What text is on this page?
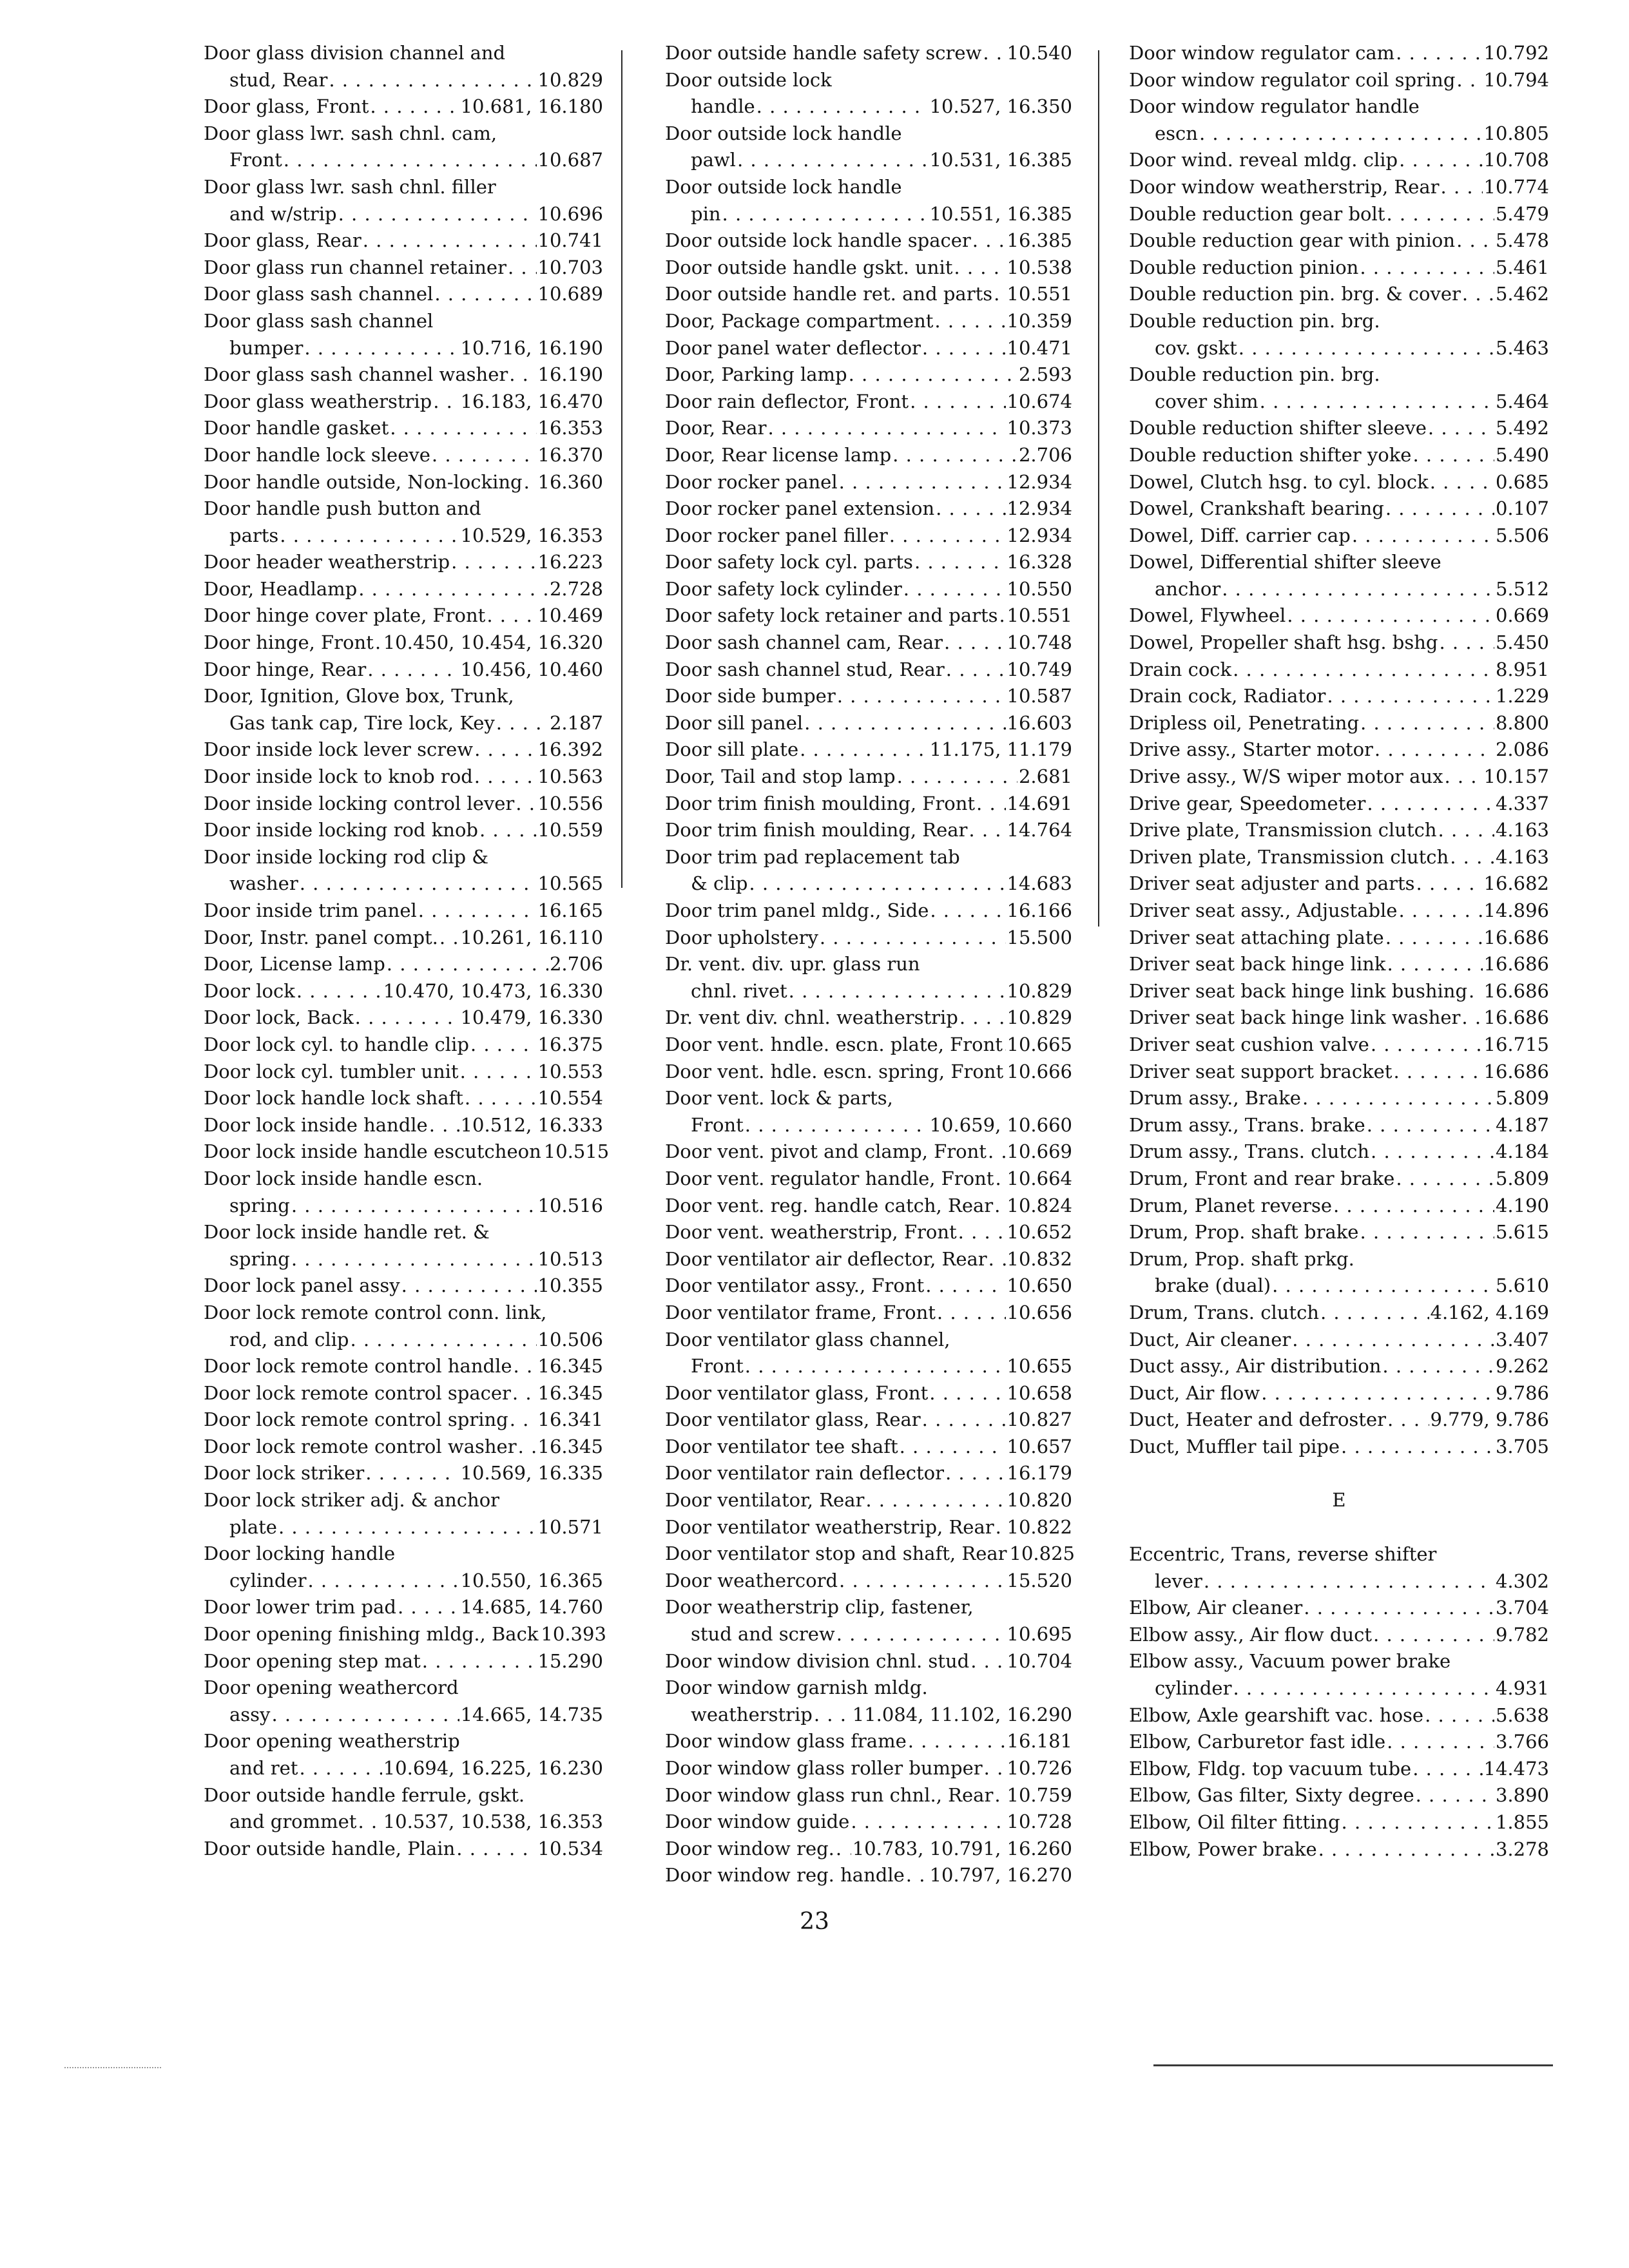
Door glass division channel and
stud, Rear . . .	10.829
Door glass, Front . . .	10.681, 16.180
Door glass lwr. sash chnl. cam,
Front . . .	10.687
Door glass lwr. sash chnl. filler
and w/strip . . .	10.696
Door glass, Rear . . .	10.741
Door glass run channel retainer . . . 10.703
Door glass sash channel . . .	10.689
Door glass sash channel
bumper . . .	10.716, 16.190
Door glass sash channel washer . . . 16.190
Door glass weatherstrip . . . 16.183, 16.470
Door handle gasket . . .	16.353
Door handle lock sleeve . . .	16.370
Door handle outside, Non-locking . . . 16.360
Door handle push button and
parts . . .	10.529, 16.353
Door header weatherstrip . . .	16.223
Door, Headlamp . . .	2.728
Door hinge cover plate, Front . . .	10.469
Door hinge, Front . . . 10.450, 10.454, 16.320
Door hinge, Rear . . .	10.456, 10.460
Door, Ignition, Glove box, Trunk,
Gas tank cap, Tire lock, Key . . .	2.187
Door inside lock lever screw . . .	16.392
Door inside lock to knob rod . . .	10.563
Door inside locking control lever . . . 10.556
Door inside locking rod knob . . .	10.559
Door inside locking rod clip &
washer . . .	10.565
Door inside trim panel . . .	16.165
Door, Instr. panel compt. . . . 10.261, 16.110
Door, License lamp . . .	2.706
Door lock . . .	10.470, 10.473, 16.330
Door lock, Back . . .	10.479, 16.330
Door lock cyl. to handle clip . . .	16.375
Door lock cyl. tumbler unit . . .	10.553
Door lock handle lock shaft . . .	10.554
Door lock inside handle . . . 10.512, 16.333
Door lock inside handle escutcheon 10.515
Door lock inside handle escn.
spring . . .	10.516
Door lock inside handle ret. &
spring . . .	10.513
Door lock panel assy . . .	10.355
Door lock remote control conn. link,
rod, and clip . . .	10.506
Door lock remote control handle . . . 16.345
Door lock remote control spacer . . . 16.345
Door lock remote control spring . . . 16.341
Door lock remote control washer . . . 16.345
Door lock striker . . .	10.569, 16.335
Door lock striker adj. & anchor
plate . . .	10.571
Door locking handle
cylinder . . .	10.550, 16.365
Door lower trim pad . . .	14.685, 14.760
Door opening finishing mldg., Back 10.393
Door opening step mat . . .	15.290
Door opening weathercord
assy . . .	14.665, 14.735
Door opening weatherstrip
and ret . . .	10.694, 16.225, 16.230
Door outside handle ferrule, gskt.
and grommet . . . 10.537, 10.538, 16.353
Door outside handle, Plain . . .	10.534
Door outside handle safety screw . . . 10.540
Door outside lock
handle . . .	10.527, 16.350
Door outside lock handle
pawl . . .	10.531, 16.385
Door outside lock handle
pin . . .	10.551, 16.385
Door outside lock handle spacer . . . 16.385
Door outside handle gskt. unit . . .	10.538
Door outside handle ret. and parts . . . 10.551
Door, Package compartment . . .	10.359
Door panel water deflector . . .	10.471
Door, Parking lamp . . .	2.593
Door rain deflector, Front . . .	10.674
Door, Rear . . .	10.373
Door, Rear license lamp . . .	2.706
Door rocker panel . . .	12.934
Door rocker panel extension . . .	12.934
Door rocker panel filler . . .	12.934
Door safety lock cyl. parts . . .	16.328
Door safety lock cylinder . . .	10.550
Door safety lock retainer and parts . . . 10.551
Door sash channel cam, Rear . . .	10.748
Door sash channel stud, Rear . . .	10.749
Door side bumper . . .	10.587
Door sill panel . . .	16.603
Door sill plate . . .	11.175, 11.179
Door, Tail and stop lamp . . .	2.681
Door trim finish moulding, Front . . . 14.691
Door trim finish moulding, Rear . . . 14.764
Door trim pad replacement tab
& clip . . .	14.683
Door trim panel mldg., Side . . .	16.166
Door upholstery . . .	15.500
Dr. vent. div. upr. glass run
chnl. rivet . . .	10.829
Dr. vent div. chnl. weatherstrip . . .	10.829
Door vent. hndle. escn. plate, Front . . . 10.665
Door vent. hdle. escn. spring, Front . . . 10.666
Door vent. lock & parts,
Front . . .	10.659, 10.660
Door vent. pivot and clamp, Front . . . 10.669
Door vent. regulator handle, Front . . . 10.664
Door vent. reg. handle catch, Rear . . . 10.824
Door vent. weatherstrip, Front . . .	10.652
Door ventilator air deflector, Rear . . . 10.832
Door ventilator assy., Front . . .	10.650
Door ventilator frame, Front . . .	10.656
Door ventilator glass channel,
Front . . .	10.655
Door ventilator glass, Front . . .	10.658
Door ventilator glass, Rear . . .	10.827
Door ventilator tee shaft . . .	10.657
Door ventilator rain deflector . . .	16.179
Door ventilator, Rear . . .	10.820
Door ventilator weatherstrip, Rear . . . 10.822
Door ventilator stop and shaft, Rear 10.825
Door weathercord . . .	15.520
Door weatherstrip clip, fastener,
stud and screw . . .	10.695
Door window division chnl. stud . . . 10.704
Door window garnish mldg.
weatherstrip . . . 11.084, 11.102, 16.290
Door window glass frame . . .	16.181
Door window glass roller bumper . . . 10.726
Door window glass run chnl., Rear . . . 10.759
Door window guide . . .	10.728
Door window reg. . . . 10.783, 10.791, 16.260
Door window reg. handle . . . 10.797, 16.270
Door window regulator cam . . .	10.792
Door window regulator coil spring . . . 10.794
Door window regulator handle
escn . . .	10.805
Door wind. reveal mldg. clip . . .	10.708
Door window weatherstrip, Rear . . . 10.774
Double reduction gear bolt . . .	5.479
Double reduction gear with pinion . . . 5.478
Double reduction pinion . . .	5.461
Double reduction pin. brg. & cover . . . 5.462
Double reduction pin. brg.
cov. gskt . . .	5.463
Double reduction pin. brg.
cover shim . . .	5.464
Double reduction shifter sleeve . . .	5.492
Double reduction shifter yoke . . .	5.490
Dowel, Clutch hsg. to cyl. block . . .	0.685
Dowel, Crankshaft bearing . . .	0.107
Dowel, Diff. carrier cap . . .	5.506
Dowel, Differential shifter sleeve
anchor . . .	5.512
Dowel, Flywheel . . .	0.669
Dowel, Propeller shaft hsg. bshg . . .	5.450
Drain cock . . .	8.951
Drain cock, Radiator . . .	1.229
Dripless oil, Penetrating . . .	8.800
Drive assy., Starter motor . . .	2.086
Drive assy., W/S wiper motor aux . . . 10.157
Drive gear, Speedometer . . .	4.337
Drive plate, Transmission clutch . . .	4.163
Driven plate, Transmission clutch . . .	4.163
Driver seat adjuster and parts . . .	16.682
Driver seat assy., Adjustable . . .	14.896
Driver seat attaching plate . . .	16.686
Driver seat back hinge link . . .	16.686
Driver seat back hinge link bushing . . . 16.686
Driver seat back hinge link washer . . . 16.686
Driver seat cushion valve . . .	16.715
Driver seat support bracket . . .	16.686
Drum assy., Brake . . .	5.809
Drum assy., Trans. brake . . .	4.187
Drum assy., Trans. clutch . . .	4.184
Drum, Front and rear brake . . .	5.809
Drum, Planet reverse . . .	4.190
Drum, Prop. shaft brake . . .	5.615
Drum, Prop. shaft prkg.
brake (dual) . . .	5.610
Drum, Trans. clutch . . .	4.162, 4.169
Duct, Air cleaner . . .	3.407
Duct assy., Air distribution . . .	9.262
Duct, Air flow . . .	9.786
Duct, Heater and defroster . . . 9.779, 9.786
Duct, Muffler tail pipe . . .	3.705
E
Eccentric, Trans, reverse shifter
lever . . .	4.302
Elbow, Air cleaner . . .	3.704
Elbow assy., Air flow duct . . .	9.782
Elbow assy., Vacuum power brake
cylinder . . .	4.931
Elbow, Axle gearshift vac. hose . . .	5.638
Elbow, Carburetor fast idle . . .	3.766
Elbow, Fldg. top vacuum tube . . .	14.473
Elbow, Gas filter, Sixty degree . . .	3.890
Elbow, Oil filter fitting . . .	1.855
Elbow, Power brake . . .	3.278
23
